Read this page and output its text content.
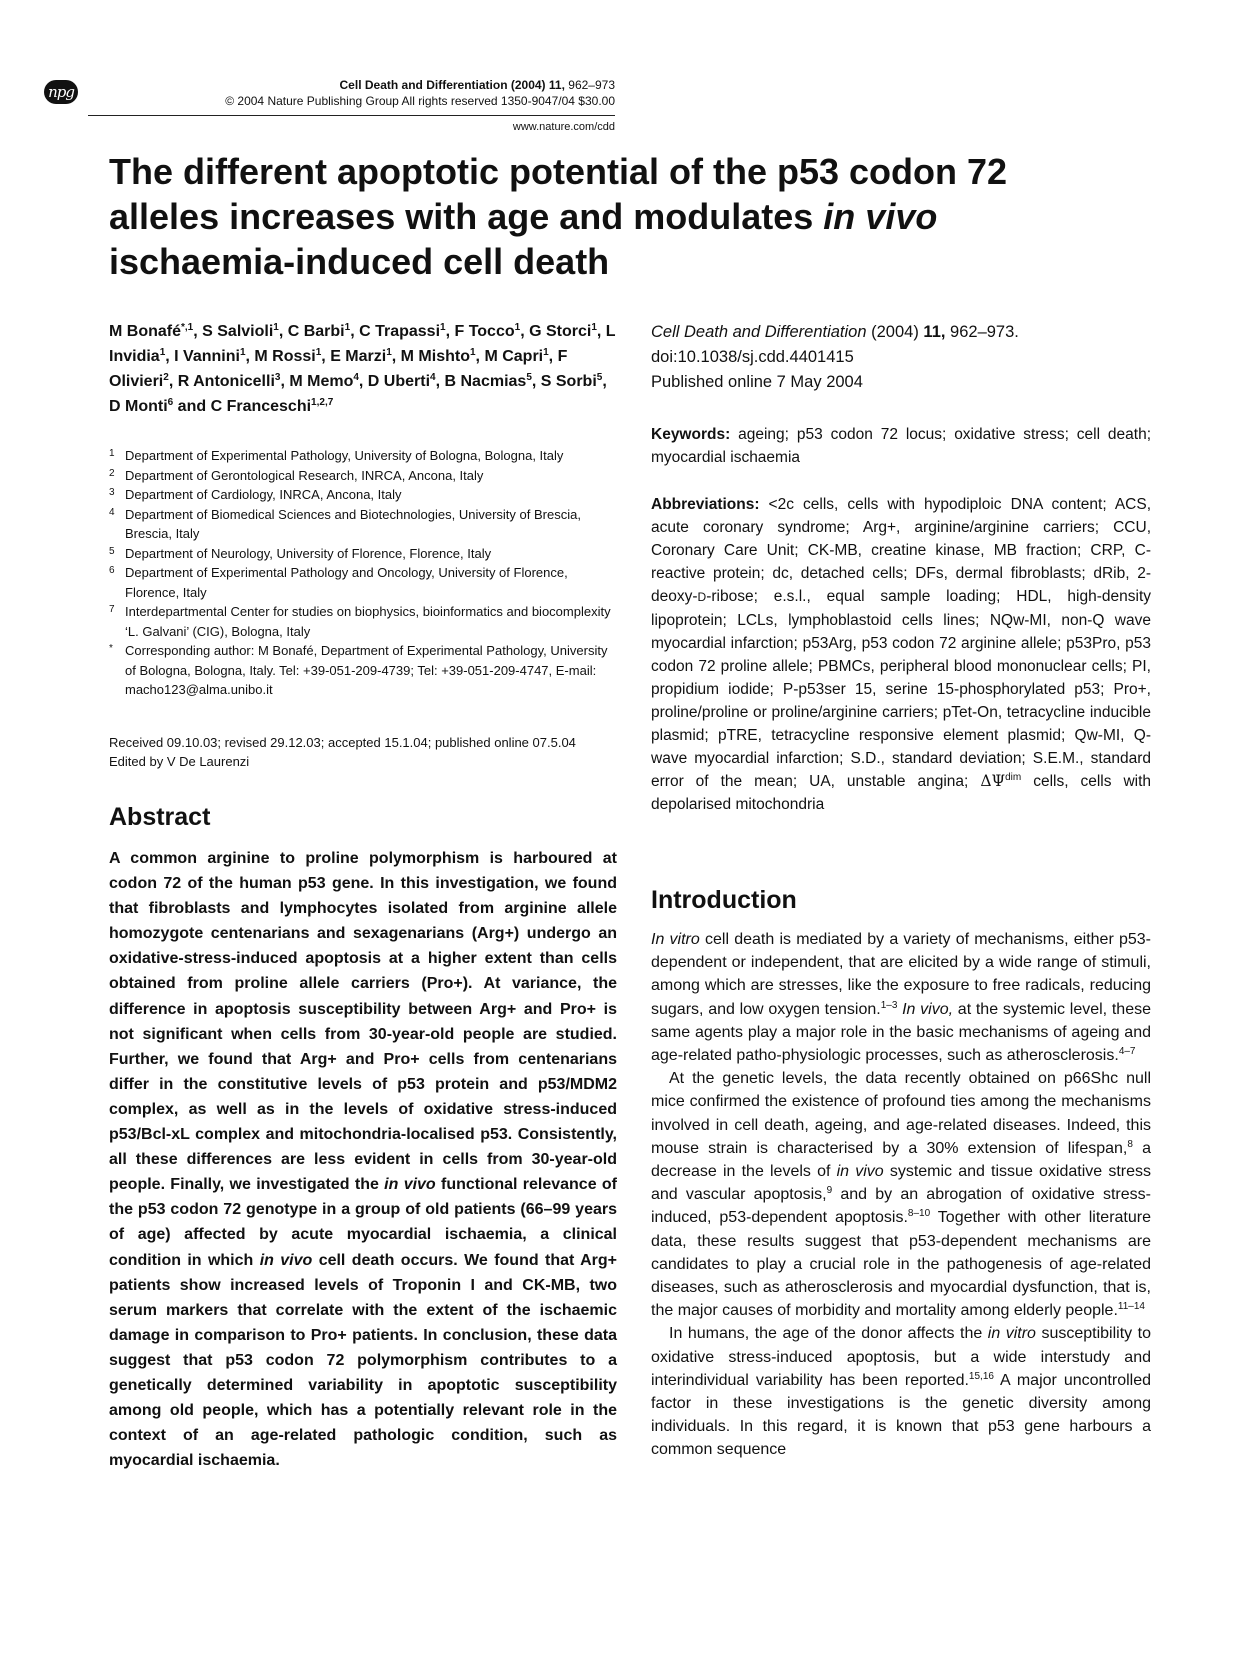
npg	Cell Death and Differentiation (2004) 11, 962–973
© 2004 Nature Publishing Group All rights reserved 1350-9047/04 $30.00
www.nature.com/cdd
The different apoptotic potential of the p53 codon 72
alleles increases with age and modulates in vivo
ischaemia-induced cell death
M Bonafé$^{*,1}$, S Salvioli$^1$, C Barbi$^1$, C Trapassi$^1$, F Tocco$^1$, G Storci$^1$, L Invidia$^1$, I Vannini$^1$, M Rossi$^1$, E Marzi$^1$, M Mishto$^1$, M Capri$^1$, F Olivieri$^2$, R Antonicelli$^3$, M Memo$^4$, D Uberti$^4$, B Nacmias$^5$, S Sorbi$^5$, D Monti$^6$ and C Franceschi$^{1,2,7}$
1 Department of Experimental Pathology, University of Bologna, Bologna, Italy
2 Department of Gerontological Research, INRCA, Ancona, Italy
3 Department of Cardiology, INRCA, Ancona, Italy
4 Department of Biomedical Sciences and Biotechnologies, University of Brescia, Brescia, Italy
5 Department of Neurology, University of Florence, Florence, Italy
6 Department of Experimental Pathology and Oncology, University of Florence, Florence, Italy
7 Interdepartmental Center for studies on biophysics, bioinformatics and biocomplexity ‘L. Galvani’ (CIG), Bologna, Italy
* Corresponding author: M Bonafé, Department of Experimental Pathology, University of Bologna, Bologna, Italy. Tel: +39-051-209-4739; Tel: +39-051-209-4747, E-mail: macho123@alma.unibo.it
Received 09.10.03; revised 29.12.03; accepted 15.1.04; published online 07.5.04
Edited by V De Laurenzi
Abstract

A common arginine to proline polymorphism is harboured at codon 72 of the human p53 gene. In this investigation, we found that fibroblasts and lymphocytes isolated from arginine allele homozygote centenarians and sexagenarians (Arg+) undergo an oxidative-stress-induced apoptosis at a higher extent than cells obtained from proline allele carriers (Pro+). At variance, the difference in apoptosis susceptibility between Arg+ and Pro+ is not significant when cells from 30-year-old people are studied. Further, we found that Arg+ and Pro+ cells from centenarians differ in the constitutive levels of p53 protein and p53/MDM2 complex, as well as in the levels of oxidative stress-induced p53/Bcl-xL complex and mitochondria-localised p53. Consistently, all these differences are less evident in cells from 30-year-old people. Finally, we investigated the in vivo functional relevance of the p53 codon 72 genotype in a group of old patients (66–99 years of age) affected by acute myocardial ischaemia, a clinical condition in which in vivo cell death occurs. We found that Arg+ patients show increased levels of Troponin I and CK-MB, two serum markers that correlate with the extent of the ischaemic damage in comparison to Pro+ patients. In conclusion, these data suggest that p53 codon 72 polymorphism contributes to a genetically determined variability in apoptotic susceptibility among old people, which has a potentially relevant role in the context of an age-related pathologic condition, such as myocardial ischaemia.

Cell Death and Differentiation (2004) 11, 962–973.
doi:10.1038/sj.cdd.4401415
Published online 7 May 2004

Keywords: ageing; p53 codon 72 locus; oxidative stress; cell death; myocardial ischaemia

Abbreviations: <2c cells, cells with hypodiploic DNA content; ACS, acute coronary syndrome; Arg+, arginine/arginine carriers; CCU, Coronary Care Unit; CK-MB, creatine kinase, MB fraction; CRP, C-reactive protein; dc, detached cells; DFs, dermal fibroblasts; dRib, 2-deoxy-D-ribose; e.s.l., equal sample loading; HDL, high-density lipoprotein; LCLs, lymphoblastoid cells lines; NQw-MI, non-Q wave myocardial infarction; p53Arg, p53 codon 72 arginine allele; p53Pro, p53 codon 72 proline allele; PBMCs, peripheral blood mononuclear cells; PI, propidium iodide; P-p53ser 15, serine 15-phosphorylated p53; Pro+, proline/proline or proline/arginine carriers; pTet-On, tetracycline inducible plasmid; pTRE, tetracycline responsive element plasmid; Qw-MI, Q-wave myocardial infarction; S.D., standard deviation; S.E.M., standard error of the mean; UA, unstable angina; $\Delta\Psi^{dim}$ cells, cells with depolarised mitochondria

Introduction

In vitro cell death is mediated by a variety of mechanisms, either p53-dependent or independent, that are elicited by a wide range of stimuli, among which are stresses, like the exposure to free radicals, reducing sugars, and low oxygen tension.$^{1-3}$ In vivo, at the systemic level, these same agents play a major role in the basic mechanisms of ageing and age-related patho-physiologic processes, such as atherosclerosis.$^{4-7}$

At the genetic levels, the data recently obtained on p66Shc null mice confirmed the existence of profound ties among the mechanisms involved in cell death, ageing, and age-related diseases. Indeed, this mouse strain is characterised by a 30% extension of lifespan,$^8$ a decrease in the levels of in vivo systemic and tissue oxidative stress and vascular apoptosis,$^9$ and by an abrogation of oxidative stress-induced, p53-dependent apoptosis.$^{8-10}$ Together with other literature data, these results suggest that p53-dependent mechanisms are candidates to play a crucial role in the pathogenesis of age-related diseases, such as atherosclerosis and myocardial dysfunction, that is, the major causes of morbidity and mortality among elderly people.$^{11-14}$

In humans, the age of the donor affects the in vitro susceptibility to oxidative stress-induced apoptosis, but a wide interstudy and interindividual variability has been reported.$^{15,16}$ A major uncontrolled factor in these investigations is the genetic diversity among individuals. In this regard, it is known that p53 gene harbours a common sequence
